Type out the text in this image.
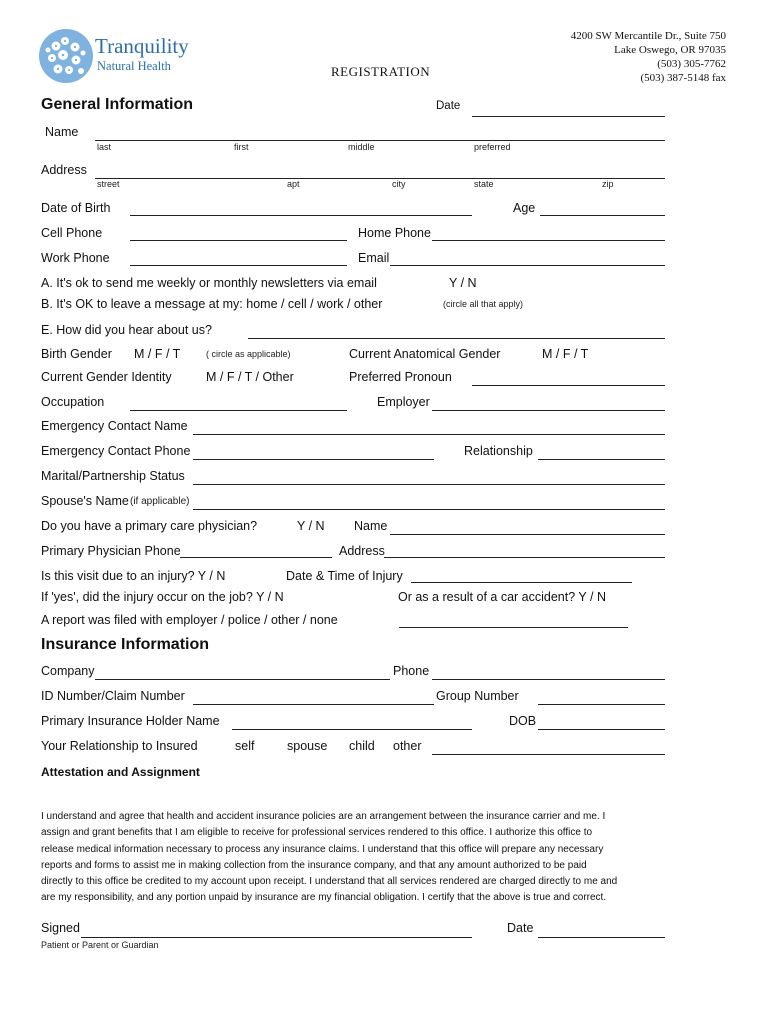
Tranquility
Natural Health	REGISTRATION
4200 SW Mercantile Dr., Suite 750
Lake Oswego, OR 97035
(503) 305-7762
(503) 387-5148 fax
General Information	Date
Name
last	first	middle	preferred
Address
street	apt	city	state	zip
Date of Birth	Age
Cell Phone	Home Phone
Work Phone	Email
A. It's ok to send me weekly or monthly newsletters via email	Y / N
B. It's OK to leave a message at my: home / cell / work / other	(circle all that apply)
E. How did you hear about us?
Birth Gender M / F / T	( circle as applicable)	Current Anatomical Gender	M / F / T
Current Gender Identity	M / F / T / Other	Preferred Pronoun
Occupation	Employer
Emergency Contact Name
Emergency Contact Phone	Relationship
Marital/Partnership Status
Spouse's Name (if applicable)
Do you have a primary care physician?	Y / N Name
Primary Physician Phone	Address
Is this visit due to an injury? Y / N	Date & Time of Injury
If 'yes', did the injury occur on the job? Y / N	Or as a result of a car accident? Y / N
A report was filed with employer / police / other / none
Insurance Information
Company	Phone
ID Number/Claim Number	Group Number
Primary Insurance Holder Name	DOB
Your Relationship to Insured	self	spouse child other
Attestation and Assignment
I understand and agree that health and accident insurance policies are an arrangement between the insurance carrier and me. I
assign and grant benefits that I am eligible to receive for professional services rendered to this office. I authorize this office to
release medical information necessary to process any insurance claims. I understand that this office will prepare any necessary
reports and forms to assist me in making collection from the insurance company, and that any amount authorized to be paid
directly to this office be credited to my account upon receipt. I understand that all services rendered are charged directly to me and
are my responsibility, and any portion unpaid by insurance are my financial obligation. I certify that the above is true and correct.
Signed
Patient or Parent or Guardian
Date
